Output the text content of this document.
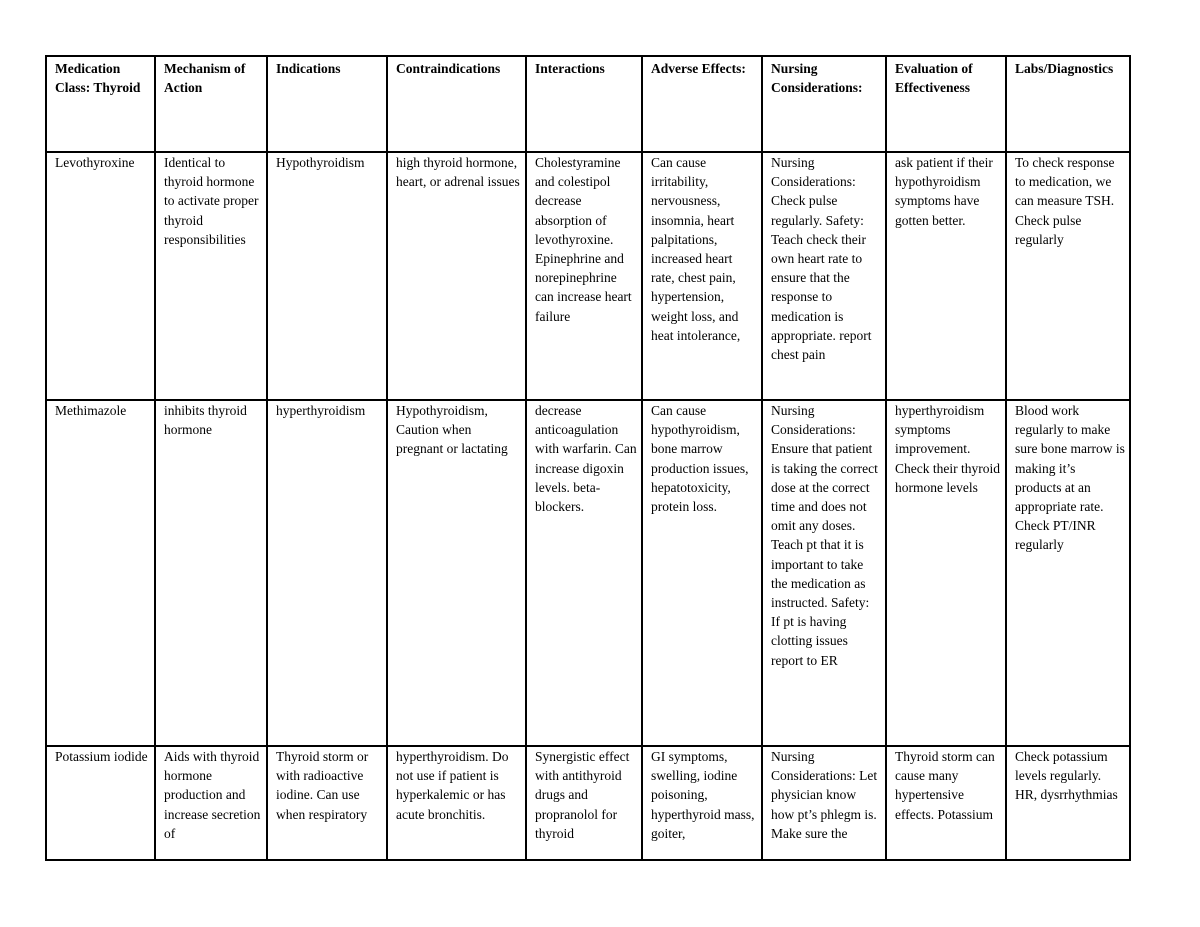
Medication Class: Thyroid	Mechanism of Action	Indications	Contraindications	Interactions	Adverse Effects:	Nursing Considerations:	Evaluation of Effectiveness	Labs/Diagnostics

Levothyroxine	Identical to thyroid hormone to activate proper thyroid responsibilities	Hypothyroidism	high thyroid hormone, heart, or adrenal issues	Cholestyramine and colestipol decrease absorption of levothyroxine. Epinephrine and norepinephrine can increase heart failure	Can cause irritability, nervousness, insomnia, heart palpitations, increased heart rate, chest pain, hypertension, weight loss, and heat intolerance,	Nursing Considerations: Check pulse regularly. Safety: Teach check their own heart rate to ensure that the response to medication is appropriate. report chest pain	ask patient if their hypothyroidism symptoms have gotten better.	To check response to medication, we can measure TSH. Check pulse regularly

Methimazole	inhibits thyroid hormone	hyperthyroidism	Hypothyroidism, Caution when pregnant or lactating	decrease anticoagulation with warfarin. Can increase digoxin levels. beta-blockers.	Can cause hypothyroidism, bone marrow production issues, hepatotoxicity, protein loss.	Nursing Considerations: Ensure that patient is taking the correct dose at the correct time and does not omit any doses. Teach pt that it is important to take the medication as instructed. Safety: If pt is having clotting issues report to ER	hyperthyroidism symptoms improvement. Check their thyroid hormone levels	Blood work regularly to make sure bone marrow is making it’s products at an appropriate rate. Check PT/INR regularly

Potassium iodide	Aids with thyroid hormone production and increase secretion of	Thyroid storm or with radioactive iodine. Can use when respiratory	hyperthyroidism. Do not use if patient is hyperkalemic or has acute bronchitis.	Synergistic effect with antithyroid drugs and propranolol for thyroid	GI symptoms, swelling, iodine poisoning, hyperthyroid mass, goiter,	Nursing Considerations: Let physician know how pt’s phlegm is. Make sure the	Thyroid storm can cause many hypertensive effects. Potassium	Check potassium levels regularly. HR, dysrrhythmias
